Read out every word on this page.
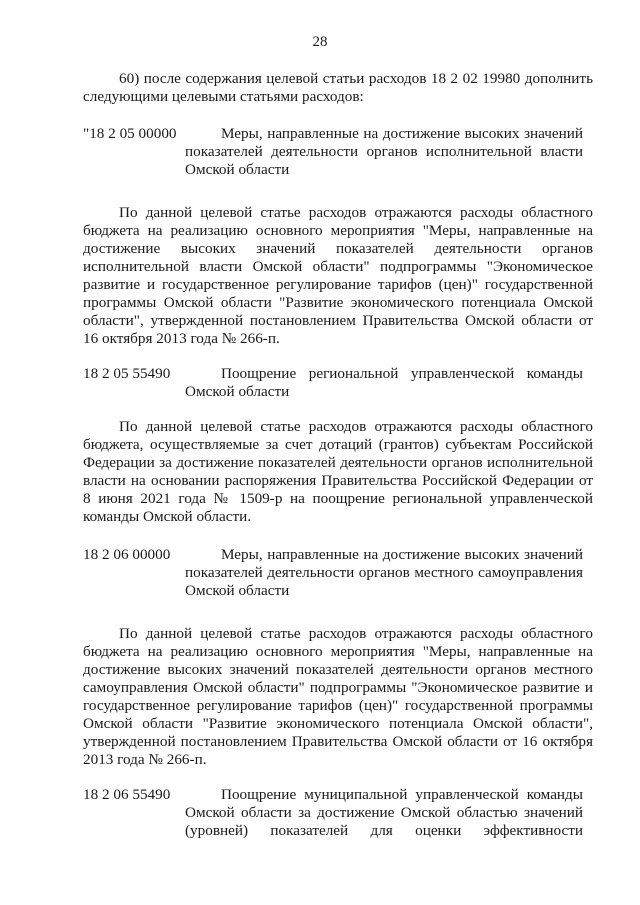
28
60) после содержания целевой статьи расходов 18 2 02 19980 дополнить следующими целевыми статьями расходов:
"18 2 05 00000	Меры, направленные на достижение высоких значений показателей деятельности органов исполнительной власти Омской области
По данной целевой статье расходов отражаются расходы областного бюджета на реализацию основного мероприятия "Меры, направленные на достижение высоких значений показателей деятельности органов исполнительной власти Омской области" подпрограммы "Экономическое развитие и государственное регулирование тарифов (цен)" государственной программы Омской области "Развитие экономического потенциала Омской области", утвержденной постановлением Правительства Омской области от 16 октября 2013 года № 266-п.
18 2 05 55490	Поощрение региональной управленческой команды Омской области
По данной целевой статье расходов отражаются расходы областного бюджета, осуществляемые за счет дотаций (грантов) субъектам Российской Федерации за достижение показателей деятельности органов исполнительной власти на основании распоряжения Правительства Российской Федерации от 8 июня 2021 года № 1509-р на поощрение региональной управленческой команды Омской области.
18 2 06 00000	Меры, направленные на достижение высоких значений показателей деятельности органов местного самоуправления Омской области
По данной целевой статье расходов отражаются расходы областного бюджета на реализацию основного мероприятия "Меры, направленные на достижение высоких значений показателей деятельности органов местного самоуправления Омской области" подпрограммы "Экономическое развитие и государственное регулирование тарифов (цен)" государственной программы Омской области "Развитие экономического потенциала Омской области", утвержденной постановлением Правительства Омской области от 16 октября 2013 года № 266-п.
18 2 06 55490	Поощрение муниципальной управленческой команды Омской области за достижение Омской областью значений (уровней) показателей для оценки эффективности
